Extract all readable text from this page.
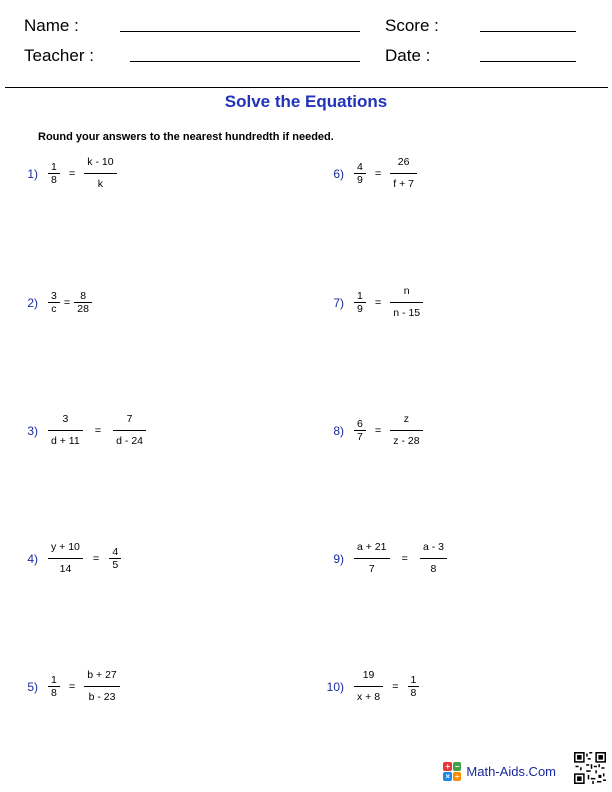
Name :	Score :
Teacher :	Date :
Solve the Equations
Round your answers to the nearest hundredth if needed.
$1) \frac{1}{8} = \frac{k - 10}{k}$
$2) \frac{3}{c} = \frac{8}{28}$
$3) \frac{3}{d + 11} = \frac{7}{d - 24}$
$4) \frac{y + 10}{14} = \frac{4}{5}$
$5) \frac{1}{8} = \frac{b + 27}{b - 23}$
$6) \frac{4}{9} = \frac{26}{f + 7}$
$7) \frac{1}{9} = \frac{n}{n - 15}$
$8) \frac{6}{7} = \frac{z}{z - 28}$
$9) \frac{a + 21}{7} = \frac{a - 3}{8}$
$10) \frac{19}{x + 8} = \frac{1}{8}$
+ −
× ÷ Math-Aids.Com
